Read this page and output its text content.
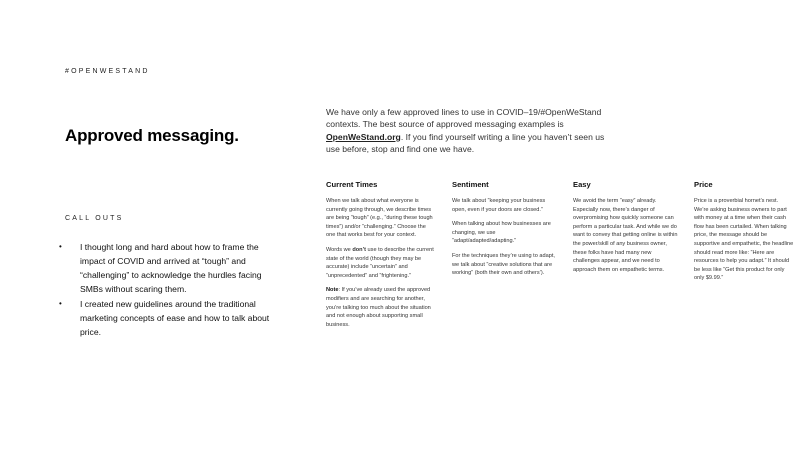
#OPENWESTAND
Approved messaging.
CALL OUTS
• I thought long and hard about how to frame the impact of COVID and arrived at “tough” and “challenging” to acknowledge the hurdles facing SMBs without scaring them.
• I created new guidelines around the traditional marketing concepts of ease and how to talk about price.
We have only a few approved lines to use in COVID–19/#OpenWeStand contexts. The best source of approved messaging examples is OpenWeStand.org. If you find yourself writing a line you haven’t seen us use before, stop and find one we have.
Current Times

When we talk about what everyone is currently going through, we describe times are being “tough” (e.g., “during these tough times”) and/or “challenging.” Choose the one that works best for your context.

Words we don’t use to describe the current state of the world (though they may be accurate) include “uncertain” and “unprecedented” and “frightening.”

Note: If you’ve already used the approved modifiers and are searching for another, you’re talking too much about the situation and not enough about supporting small business.

Sentiment

We talk about “keeping your business open, even if your doors are closed.”

When talking about how businesses are changing, we use “adapt/adapted/adapting.”

For the techniques they’re using to adapt, we talk about “creative solutions that are working” (both their own and others’).

Easy

We avoid the term “easy” already. Especially now, there’s danger of overpromising how quickly someone can perform a particular task. And while we do want to convey that getting online is within the power/skill of any business owner, these folks have had many new challenges appear, and we need to approach them on empathetic terms.

Price

Price is a proverbial hornet’s nest. We’re asking business owners to part with money at a time when their cash flow has been curtailed. When talking price, the message should be supportive and empathetic, the headline should read more like: “Here are resources to help you adapt.” It should be less like “Get this product for only only $9.99.”
